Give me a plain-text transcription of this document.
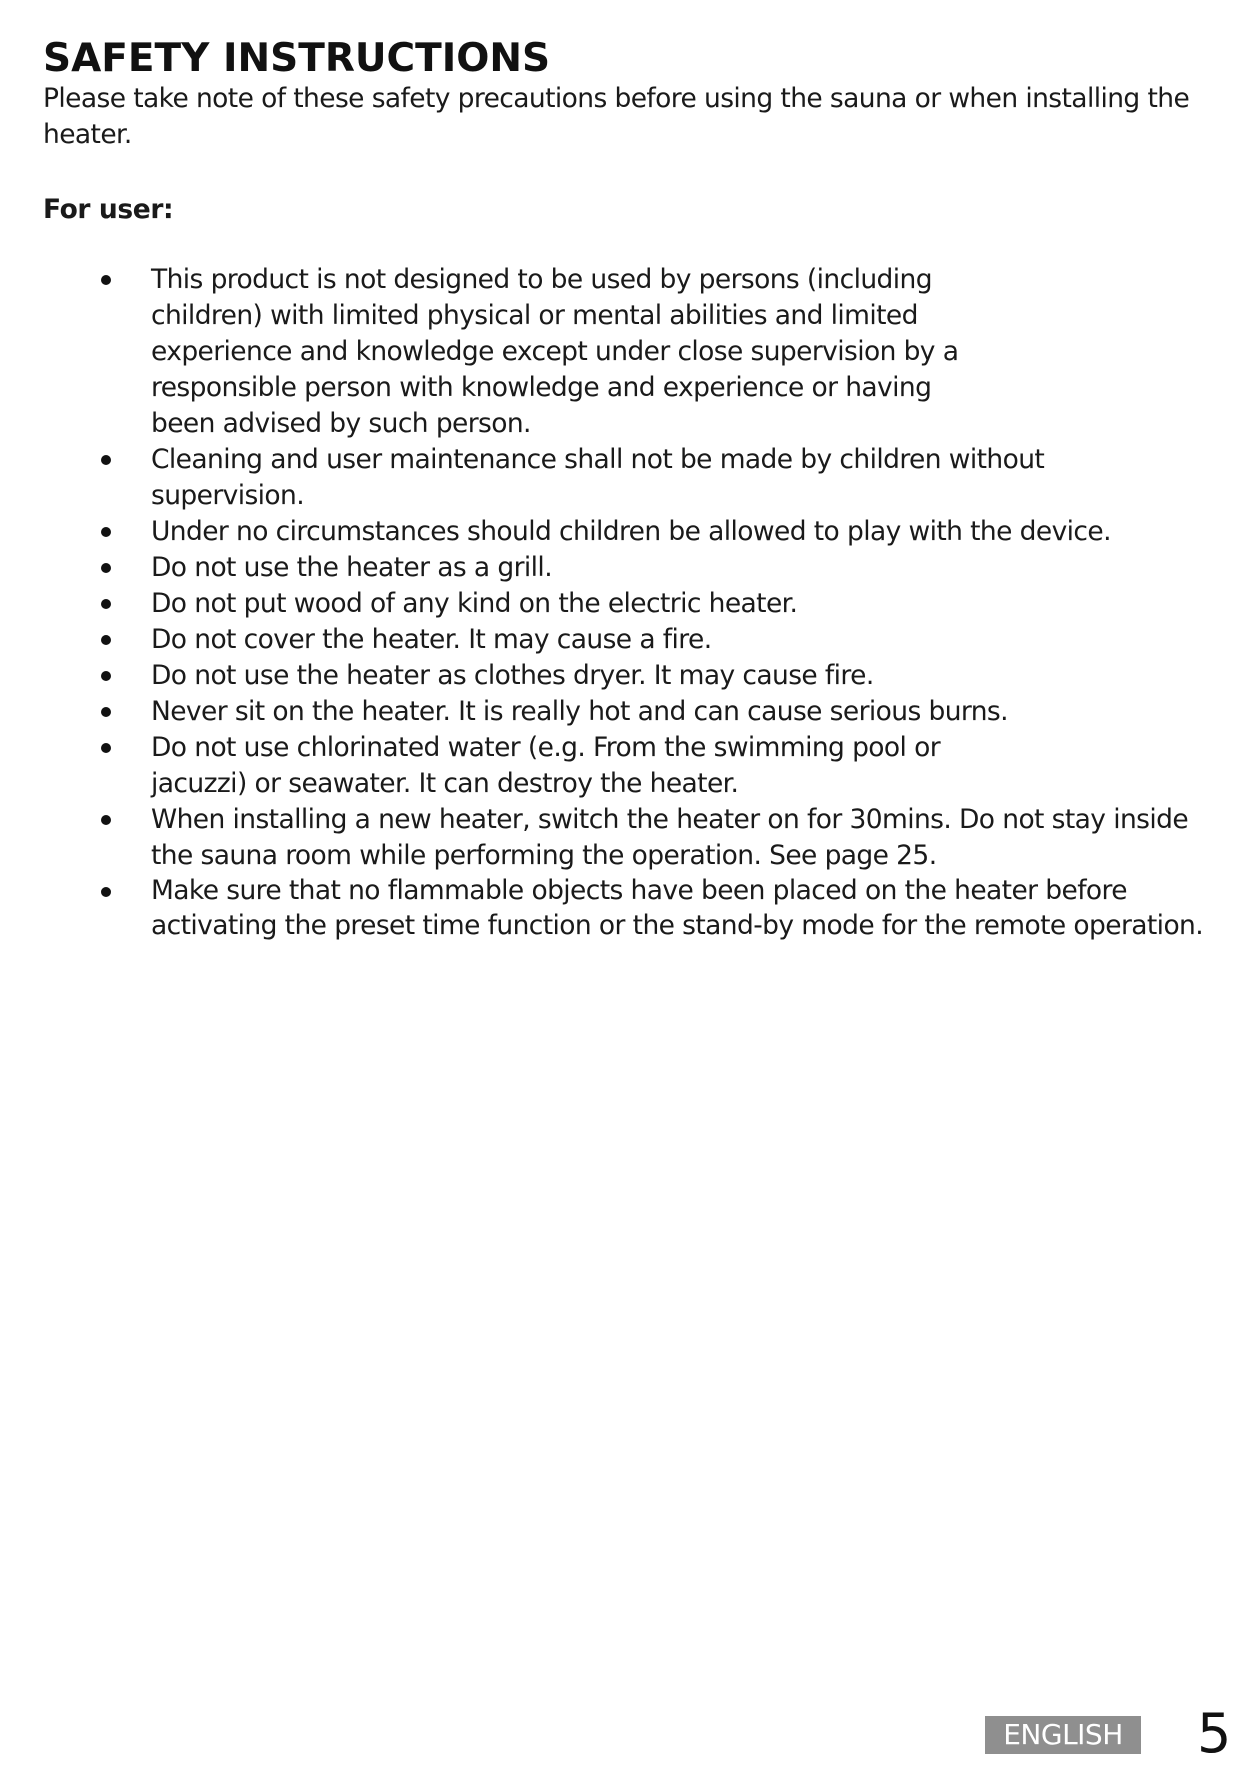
SAFETY INSTRUCTIONS

Please take note of these safety precautions before using the sauna or when installing the heater.

For user:
This product is not designed to be used by persons (including children) with limited physical or mental abilities and limited experience and knowledge except under close supervision by a responsible person with knowledge and experience or having been advised by such person.
Cleaning and user maintenance shall not be made by children without supervision.
Under no circumstances should children be allowed to play with the device.
Do not use the heater as a grill.
Do not put wood of any kind on the electric heater.
Do not cover the heater. It may cause a fire.
Do not use the heater as clothes dryer. It may cause fire.
Never sit on the heater. It is really hot and can cause serious burns.
Do not use chlorinated water (e.g. From the swimming pool or jacuzzi) or seawater. It can destroy the heater.
When installing a new heater, switch the heater on for 30mins. Do not stay inside the sauna room while performing the operation. See page 25.
Make sure that no flammable objects have been placed on the heater before activating the preset time function or the stand-by mode for the remote operation.
ENGLISH	5
